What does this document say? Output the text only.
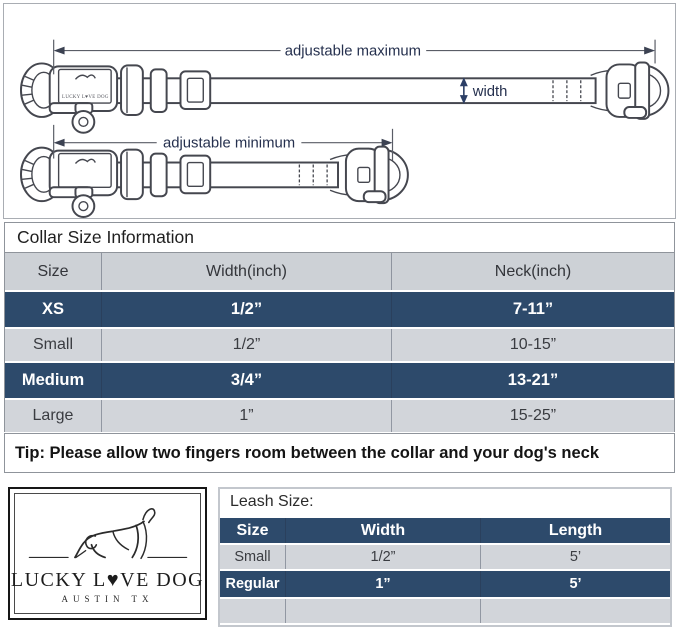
LUCKY L♥VE DOG
adjustable maximum
width
adjustable minimum
Collar Size Information
Size	Width(inch)	Neck(inch)
XS	1/2”	7-11”
Small	1/2”	10-15”
Medium	3/4”	13-21”
Large	1”	15-25”
Tip: Please allow two fingers room between the collar and your dog's neck
LUCKY L♥VE DOG
AUSTIN TX
Leash Size:
Size	Width	Length
Small	1/2”	5’
Regular	1”	5’
